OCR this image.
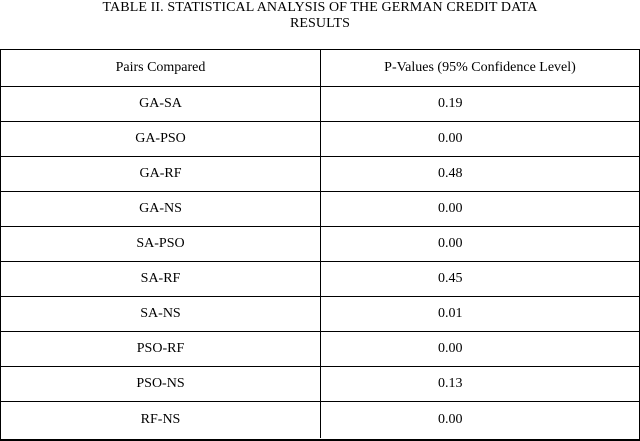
TABLE II. STATISTICAL ANALYSIS OF THE GERMAN CREDIT DATA
RESULTS
Pairs Compared	P-Values (95% Confidence Level)
GA-SA	0.19
GA-PSO	0.00
GA-RF	0.48
GA-NS	0.00
SA-PSO	0.00
SA-RF	0.45
SA-NS	0.01
PSO-RF	0.00
PSO-NS	0.13
RF-NS	0.00
